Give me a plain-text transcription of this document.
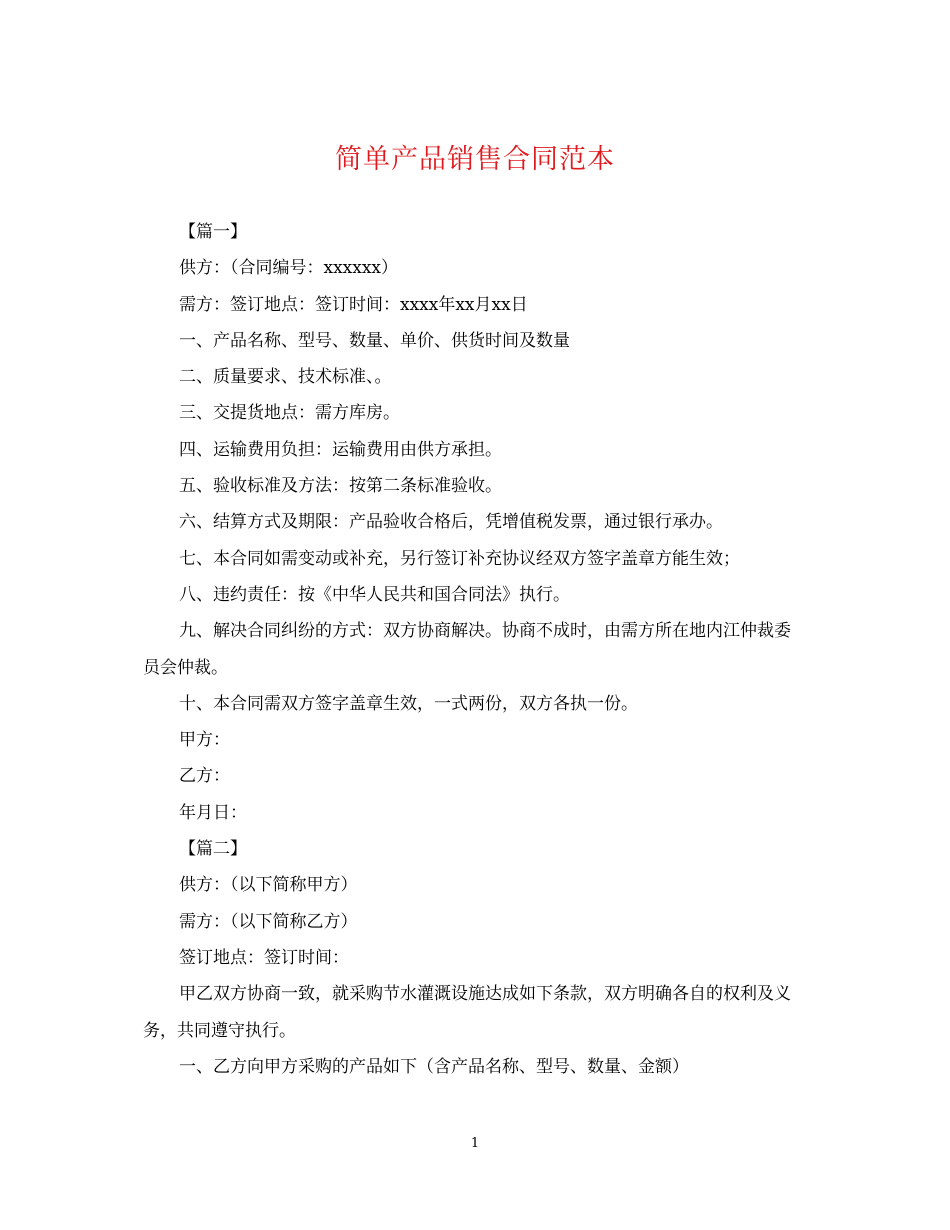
简单产品销售合同范本

【篇一】

供方：（合同编号：xxxxxx）

需方：签订地点：签订时间：xxxx年xx月xx日

一、产品名称、型号、数量、单价、供货时间及数量

二、质量要求、技术标准、。

三、交提货地点：需方库房。

四、运输费用负担：运输费用由供方承担。

五、验收标准及方法：按第二条标准验收。

六、结算方式及期限：产品验收合格后，凭增值税发票，通过银行承办。

七、本合同如需变动或补充，另行签订补充协议经双方签字盖章方能生效；

八、违约责任：按《中华人民共和国合同法》执行。

九、解决合同纠纷的方式：双方协商解决。协商不成时，由需方所在地内江仲裁委员会仲裁。

十、本合同需双方签字盖章生效，一式两份，双方各执一份。

甲方：

乙方：

年月日：

【篇二】

供方：（以下简称甲方）

需方：（以下简称乙方）

签订地点：签订时间：

甲乙双方协商一致，就采购节水灌溉设施达成如下条款，双方明确各自的权利及义务，共同遵守执行。

一、乙方向甲方采购的产品如下（含产品名称、型号、数量、金额）

1
